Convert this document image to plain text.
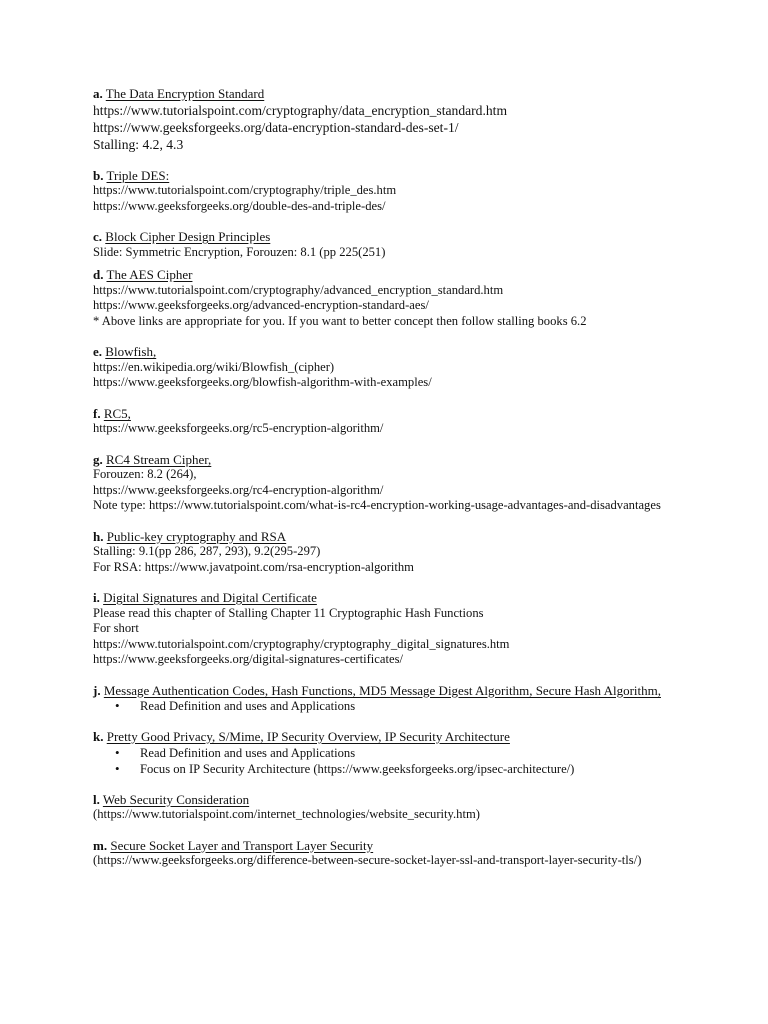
a. The Data Encryption Standard

https://www.tutorialspoint.com/cryptography/data_encryption_standard.htm

https://www.geeksforgeeks.org/data-encryption-standard-des-set-1/

Stalling: 4.2, 4.3

b. Triple DES:

https://www.tutorialspoint.com/cryptography/triple_des.htm

https://www.geeksforgeeks.org/double-des-and-triple-des/

c. Block Cipher Design Principles

Slide: Symmetric Encryption, Forouzen: 8.1 (pp 225(251)

d. The AES Cipher

https://www.tutorialspoint.com/cryptography/advanced_encryption_standard.htm

https://www.geeksforgeeks.org/advanced-encryption-standard-aes/

* Above links are appropriate for you. If you want to better concept then follow stalling books 6.2

e. Blowfish,

https://en.wikipedia.org/wiki/Blowfish_(cipher)

https://www.geeksforgeeks.org/blowfish-algorithm-with-examples/

f. RC5,

https://www.geeksforgeeks.org/rc5-encryption-algorithm/

g. RC4 Stream Cipher,

Forouzen: 8.2 (264),

https://www.geeksforgeeks.org/rc4-encryption-algorithm/

Note type: https://www.tutorialspoint.com/what-is-rc4-encryption-working-usage-advantages-and-disadvantages

h. Public-key cryptography and RSA

Stalling: 9.1(pp 286, 287, 293), 9.2(295-297)

For RSA: https://www.javatpoint.com/rsa-encryption-algorithm

i. Digital Signatures and Digital Certificate

Please read this chapter of Stalling Chapter 11 Cryptographic Hash Functions

For short

https://www.tutorialspoint.com/cryptography/cryptography_digital_signatures.htm

https://www.geeksforgeeks.org/digital-signatures-certificates/

j. Message Authentication Codes, Hash Functions, MD5 Message Digest Algorithm, Secure Hash Algorithm,

• Read Definition and uses and Applications

k. Pretty Good Privacy, S/Mime, IP Security Overview, IP Security Architecture

• Read Definition and uses and Applications
• Focus on IP Security Architecture (https://www.geeksforgeeks.org/ipsec-architecture/)

l. Web Security Consideration

(https://www.tutorialspoint.com/internet_technologies/website_security.htm)

m. Secure Socket Layer and Transport Layer Security

(https://www.geeksforgeeks.org/difference-between-secure-socket-layer-ssl-and-transport-layer-security-tls/)
